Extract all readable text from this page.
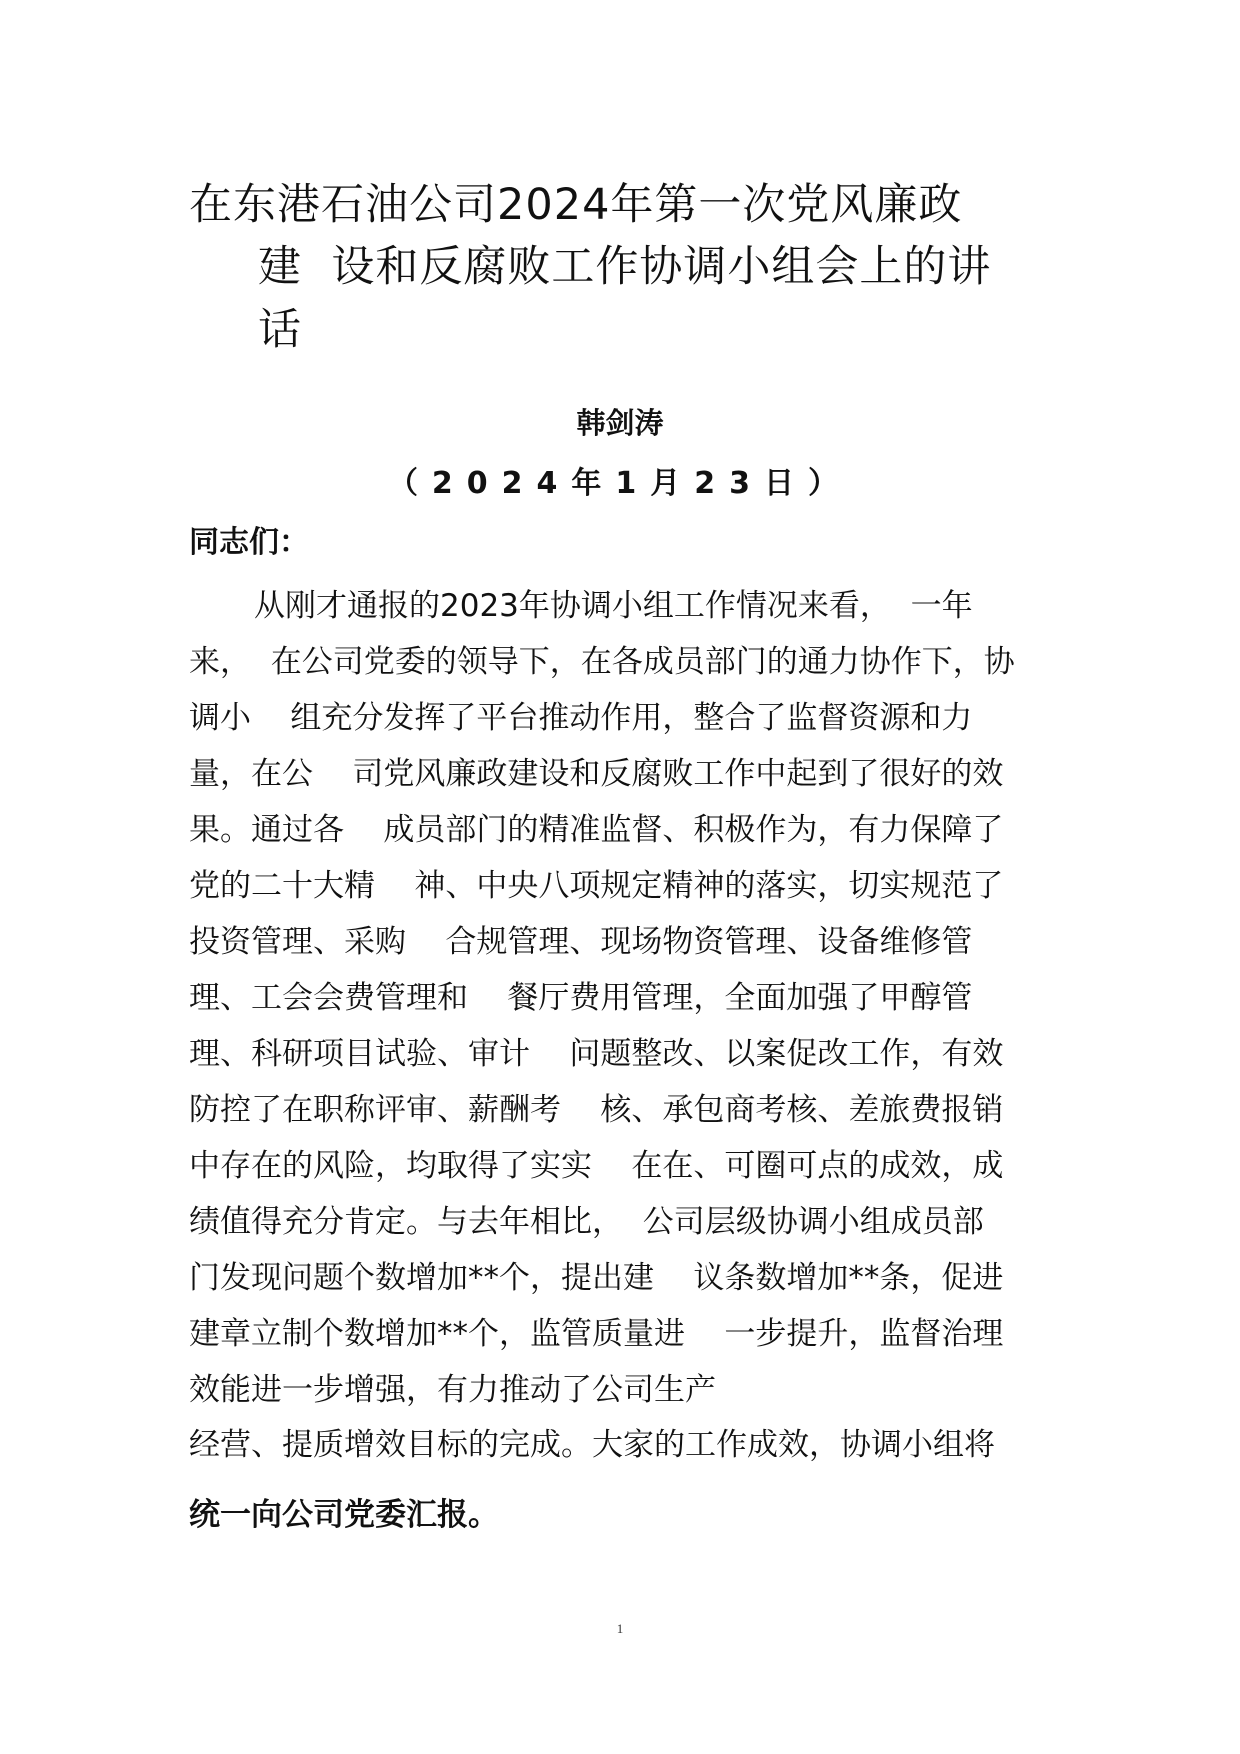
在东港石油公司2024年第一次党风廉政
建  设和反腐败工作协调小组会上的讲
话
韩剑涛
（2024年1月23日）
同志们：
从刚才通报的2023年协调小组工作情况来看，  一年
来，  在公司党委的领导下，在各成员部门的通力协作下，协
调小    组充分发挥了平台推动作用，整合了监督资源和力
量，在公    司党风廉政建设和反腐败工作中起到了很好的效
果。通过各    成员部门的精准监督、积极作为，有力保障了
党的二十大精    神、中央八项规定精神的落实，切实规范了
投资管理、采购    合规管理、现场物资管理、设备维修管
理、工会会费管理和    餐厅费用管理，全面加强了甲醇管
理、科研项目试验、审计    问题整改、以案促改工作，有效
防控了在职称评审、薪酬考    核、承包商考核、差旅费报销
中存在的风险，均取得了实实    在在、可圈可点的成效，成
绩值得充分肯定。与去年相比，  公司层级协调小组成员部
门发现问题个数增加**个，提出建    议条数增加**条，促进
建章立制个数增加**个，监管质量进    一步提升，监督治理
效能进一步增强，有力推动了公司生产
经营、提质增效目标的完成。大家的工作成效，协调小组将
统一向公司党委汇报。
1
